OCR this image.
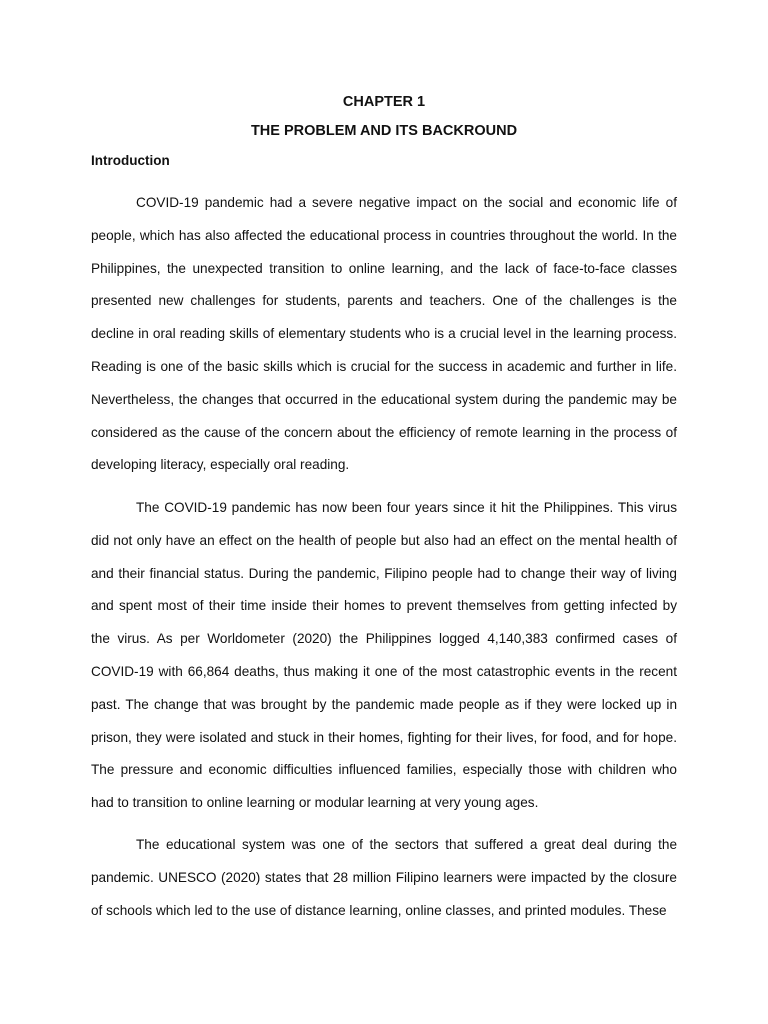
CHAPTER 1
THE PROBLEM AND ITS BACKROUND
Introduction

COVID-19 pandemic had a severe negative impact on the social and economic life of people, which has also affected the educational process in countries throughout the world. In the Philippines, the unexpected transition to online learning, and the lack of face-to-face classes presented new challenges for students, parents and teachers. One of the challenges is the decline in oral reading skills of elementary students who is a crucial level in the learning process. Reading is one of the basic skills which is crucial for the success in academic and further in life. Nevertheless, the changes that occurred in the educational system during the pandemic may be considered as the cause of the concern about the efficiency of remote learning in the process of developing literacy, especially oral reading.

The COVID-19 pandemic has now been four years since it hit the Philippines. This virus did not only have an effect on the health of people but also had an effect on the mental health of and their financial status. During the pandemic, Filipino people had to change their way of living and spent most of their time inside their homes to prevent themselves from getting infected by the virus. As per Worldometer (2020) the Philippines logged 4,140,383 confirmed cases of COVID-19 with 66,864 deaths, thus making it one of the most catastrophic events in the recent past. The change that was brought by the pandemic made people as if they were locked up in prison, they were isolated and stuck in their homes, fighting for their lives, for food, and for hope. The pressure and economic difficulties influenced families, especially those with children who had to transition to online learning or modular learning at very young ages.

The educational system was one of the sectors that suffered a great deal during the pandemic. UNESCO (2020) states that 28 million Filipino learners were impacted by the closure of schools which led to the use of distance learning, online classes, and printed modules. These
